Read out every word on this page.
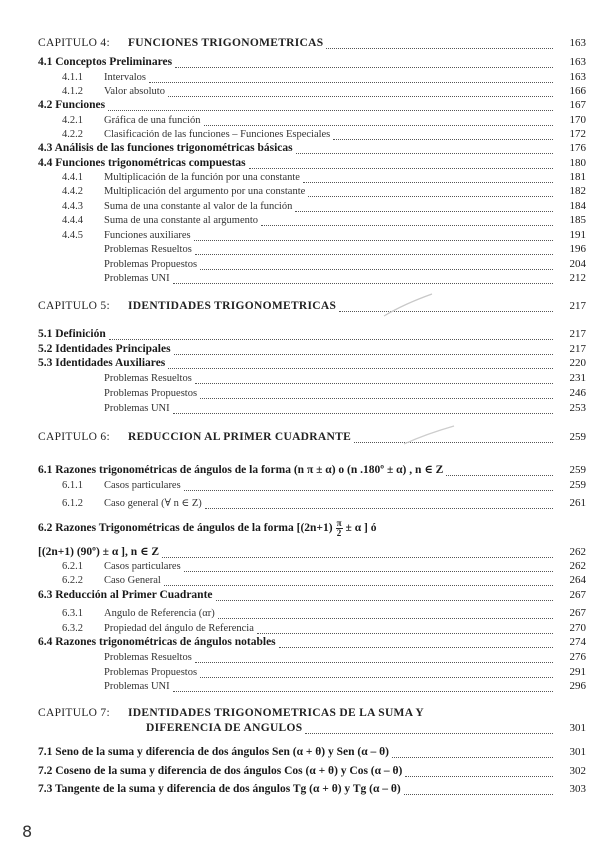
CAPITULO 4: FUNCIONES TRIGONOMETRICAS	163
4.1 Conceptos Preliminares	163
4.1.1 Intervalos	163
4.1.2 Valor absoluto	166
4.2 Funciones	167
4.2.1 Gráfica de una función	170
4.2.2 Clasificación de las funciones – Funciones Especiales	172
4.3 Análisis de las funciones trigonométricas básicas	176
4.4 Funciones trigonométricas compuestas	180
4.4.1 Multiplicación de la función por una constante	181
4.4.2 Multiplicación del argumento por una constante	182
4.4.3 Suma de una constante al valor de la función	184
4.4.4 Suma de una constante al argumento	185
4.4.5 Funciones auxiliares	191
Problemas Resueltos	196
Problemas Propuestos	204
Problemas UNI	212
CAPITULO 5: IDENTIDADES TRIGONOMETRICAS	217
5.1 Definición	217
5.2 Identidades Principales	217
5.3 Identidades Auxiliares	220
Problemas Resueltos	231
Problemas Propuestos	246
Problemas UNI	253
CAPITULO 6: REDUCCION AL PRIMER CUADRANTE	259
6.1 Razones trigonométricas de ángulos de la forma (n π ± α) o (n .180º ± α) , n ∈ Z	259
6.1.1 Casos particulares	259
6.1.2 Caso general (∀ n ∈ Z)	261
6.2 Razones Trigonométricas de ángulos de la forma [$(2n+1) \frac{\pi}{2} \pm \alpha$ ] ó
[(2n+1) (90º) ± α ], n ∈ Z	262
6.2.1 Casos particulares	262
6.2.2 Caso General	264
6.3 Reducción al Primer Cuadrante	267
6.3.1 Angulo de Referencia (αr)	267
6.3.2 Propiedad del ángulo de Referencia	270
6.4 Razones trigonométricas de ángulos notables	274
Problemas Resueltos	276
Problemas Propuestos	291
Problemas UNI	296
CAPITULO 7: IDENTIDADES TRIGONOMETRICAS DE LA SUMA Y
DIFERENCIA DE ANGULOS	301
7.1 Seno de la suma y diferencia de dos ángulos Sen (α + θ) y Sen (α – θ)	301
7.2 Coseno de la suma y diferencia de dos ángulos Cos (α + θ) y Cos (α – θ)	302
7.3 Tangente de la suma y diferencia de dos ángulos Tg (α + θ) y Tg (α – θ)	303
8
